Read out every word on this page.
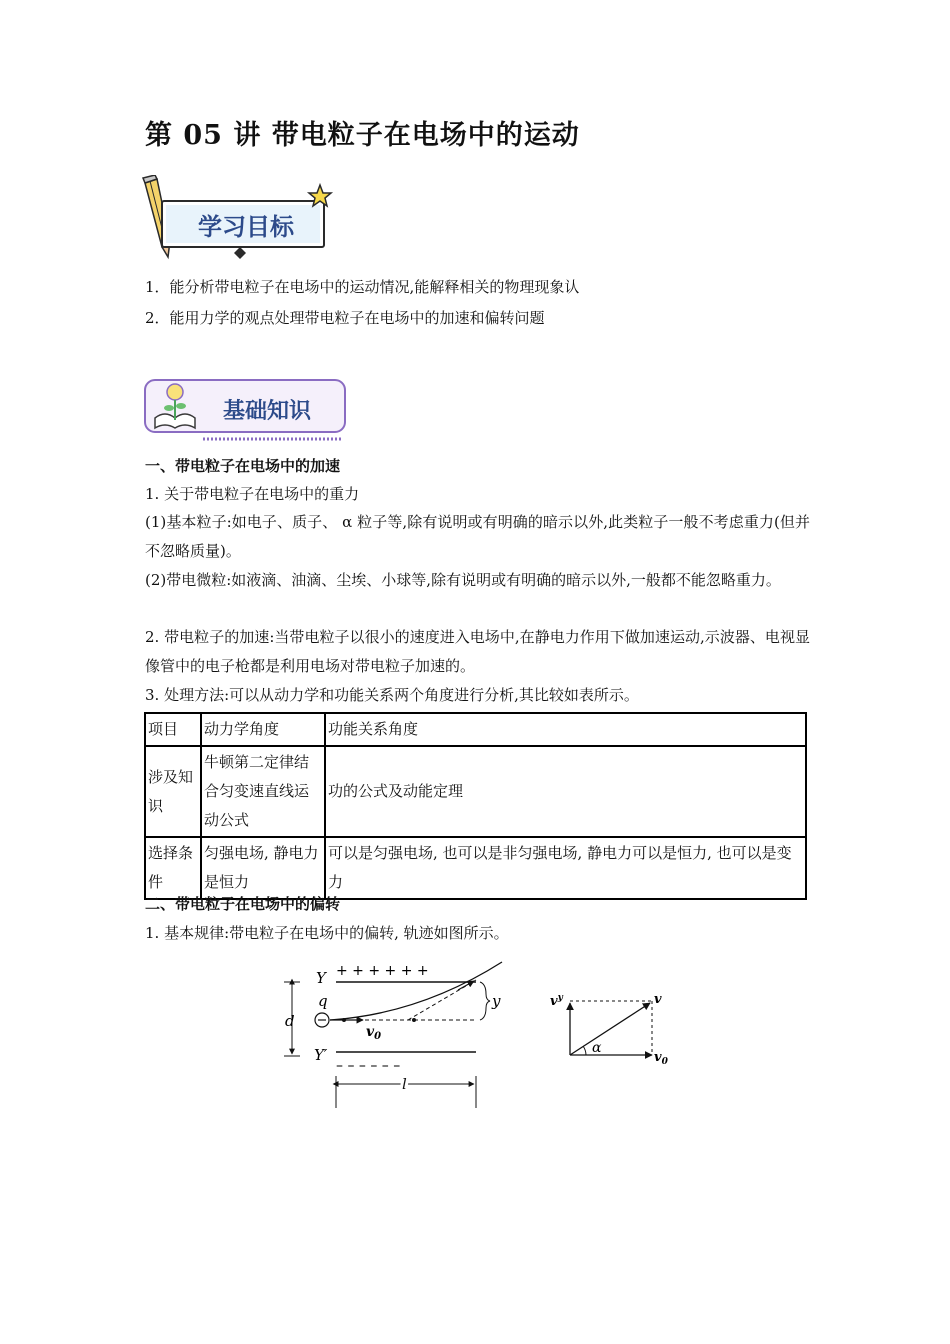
第 05 讲 带电粒子在电场中的运动
学习目标

1．能分析带电粒子在电场中的运动情况,能解释相关的物理现象认

2．能用力学的观点处理带电粒子在电场中的加速和偏转问题

基础知识

一、带电粒子在电场中的加速

1. 关于带电粒子在电场中的重力

(1)基本粒子:如电子、质子、 α 粒子等,除有说明或有明确的暗示以外,此类粒子一般不考虑重力(但并不忽略质量)。

(2)带电微粒:如液滴、油滴、尘埃、小球等,除有说明或有明确的暗示以外,一般都不能忽略重力。

2. 带电粒子的加速:当带电粒子以很小的速度进入电场中,在静电力作用下做加速运动,示波器、电视显像管中的电子枪都是利用电场对带电粒子加速的。

3. 处理方法:可以从动力学和功能关系两个角度进行分析,其比较如表所示。

项目	动力学角度	功能关系角度
涉及知识	牛顿第二定律结合匀变速直线运动公式	功的公式及动能定理
选择条件	匀强电场, 静电力是恒力	可以是匀强电场, 也可以是非匀强电场, 静电力可以是恒力, 也可以是变力

二、带电粒子在电场中的偏转

1. 基本规律:带电粒子在电场中的偏转, 轨迹如图所示。

Y + + + + + +
Y′
– – – – – –
d
q
$v_0$
y
l
α
$v^y$	v
$v_0$
